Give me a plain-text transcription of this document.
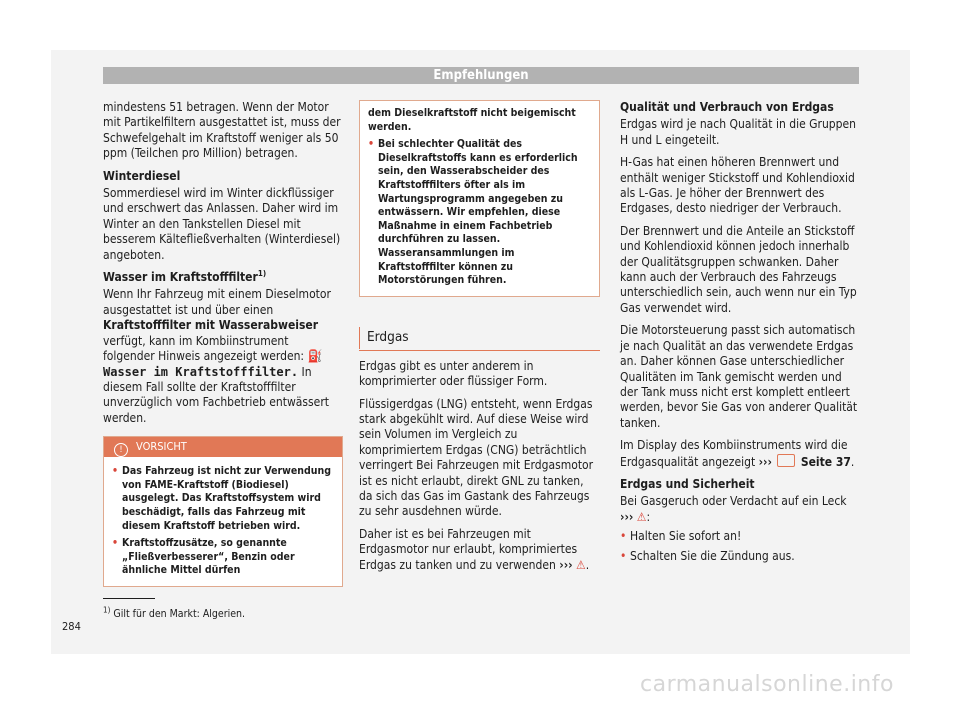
Empfehlungen

mindestens 51 betragen. Wenn der Motor mit Partikelfiltern ausgestattet ist, muss der Schwefelgehalt im Kraftstoff weniger als 50 ppm (Teilchen pro Million) betragen.

Winterdiesel

Sommerdiesel wird im Winter dickflüssiger und erschwert das Anlassen. Daher wird im Winter an den Tankstellen Diesel mit besserem Kältefließverhalten (Winterdiesel) angeboten.

Wasser im Kraftstofffilter$^{1)}$

Wenn Ihr Fahrzeug mit einem Dieselmotor ausgestattet ist und über einen Kraftstofffilter mit Wasserabweiser verfügt, kann im Kombiinstrument folgender Hinweis angezeigt werden: ⛽Wasser im Kraftstofffilter. In diesem Fall sollte der Kraftstofffilter unverzüglich vom Fachbetrieb entwässert werden.

! VORSICHT
• Das Fahrzeug ist nicht zur Verwendung von FAME-Kraftstoff (Biodiesel) ausgelegt. Das Kraftstoffsystem wird beschädigt, falls das Fahrzeug mit diesem Kraftstoff betrieben wird.
• Kraftstoffzusätze, so genannte „Fließverbesserer“, Benzin oder ähnliche Mittel dürfen
dem Dieselkraftstoff nicht beigemischt werden.
• Bei schlechter Qualität des Dieselkraftstoffs kann es erforderlich sein, den Wasserabscheider des Kraftstofffilters öfter als im Wartungsprogramm angegeben zu entwässern. Wir empfehlen, diese Maßnahme in einem Fachbetrieb durchführen zu lassen. Wasseransammlungen im Kraftstofffilter können zu Motorstörungen führen.
Erdgas

Erdgas gibt es unter anderem in komprimierter oder flüssiger Form.

Flüssigerdgas (LNG) entsteht, wenn Erdgas stark abgekühlt wird. Auf diese Weise wird sein Volumen im Vergleich zu komprimiertem Erdgas (CNG) beträchtlich verringert Bei Fahrzeugen mit Erdgasmotor ist es nicht erlaubt, direkt GNL zu tanken, da sich das Gas im Gastank des Fahrzeugs zu sehr ausdehnen würde.

Daher ist es bei Fahrzeugen mit Erdgasmotor nur erlaubt, komprimiertes Erdgas zu tanken und zu verwenden ››› ⚠.

Qualität und Verbrauch von Erdgas

Erdgas wird je nach Qualität in die Gruppen H und L eingeteilt.

H-Gas hat einen höheren Brennwert und enthält weniger Stickstoff und Kohlendioxid als L-Gas. Je höher der Brennwert des Erdgases, desto niedriger der Verbrauch.

Der Brennwert und die Anteile an Stickstoff und Kohlendioxid können jedoch innerhalb der Qualitätsgruppen schwanken. Daher kann auch der Verbrauch des Fahrzeugs unterschiedlich sein, auch wenn nur ein Typ Gas verwendet wird.

Die Motorsteuerung passt sich automatisch je nach Qualität an das verwendete Erdgas an. Daher können Gase unterschiedlicher Qualitäten im Tank gemischt werden und der Tank muss nicht erst komplett entleert werden, bevor Sie Gas von anderer Qualität tanken.

Im Display des Kombiinstruments wird die Erdgasqualität angezeigt ››› Seite 37.

Erdgas und Sicherheit

Bei Gasgeruch oder Verdacht auf ein Leck
››› ⚠:

• Halten Sie sofort an!
• Schalten Sie die Zündung aus.
$^{1)}$ Gilt für den Markt: Algerien.
284
carmanualsonline.info
